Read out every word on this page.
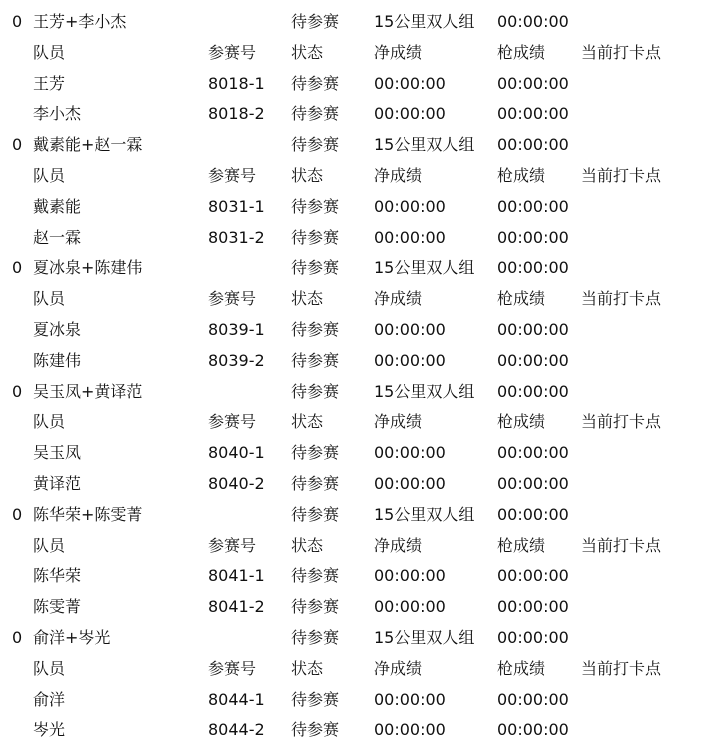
0 王芳+李小杰	待参赛 15公里双人组 00:00:00
队员	参赛号 状态	净成绩	枪成绩 当前打卡点
王芳	8018-1 待参赛 00:00:00	00:00:00
李小杰	8018-2 待参赛 00:00:00	00:00:00
0 戴素能+赵一霖	待参赛 15公里双人组 00:00:00
队员	参赛号 状态	净成绩	枪成绩 当前打卡点
戴素能	8031-1 待参赛 00:00:00	00:00:00
赵一霖	8031-2 待参赛 00:00:00	00:00:00
0 夏冰泉+陈建伟	待参赛 15公里双人组 00:00:00
队员	参赛号 状态	净成绩	枪成绩 当前打卡点
夏冰泉	8039-1 待参赛 00:00:00	00:00:00
陈建伟	8039-2 待参赛 00:00:00	00:00:00
0 吴玉凤+黄译范	待参赛 15公里双人组 00:00:00
队员	参赛号 状态	净成绩	枪成绩 当前打卡点
吴玉凤	8040-1 待参赛 00:00:00	00:00:00
黄译范	8040-2 待参赛 00:00:00	00:00:00
0 陈华荣+陈雯菁	待参赛 15公里双人组 00:00:00
队员	参赛号 状态	净成绩	枪成绩 当前打卡点
陈华荣	8041-1 待参赛 00:00:00	00:00:00
陈雯菁	8041-2 待参赛 00:00:00	00:00:00
0 俞洋+岑光	待参赛 15公里双人组 00:00:00
队员	参赛号 状态	净成绩	枪成绩 当前打卡点
俞洋	8044-1 待参赛 00:00:00	00:00:00
岑光	8044-2 待参赛 00:00:00	00:00:00
